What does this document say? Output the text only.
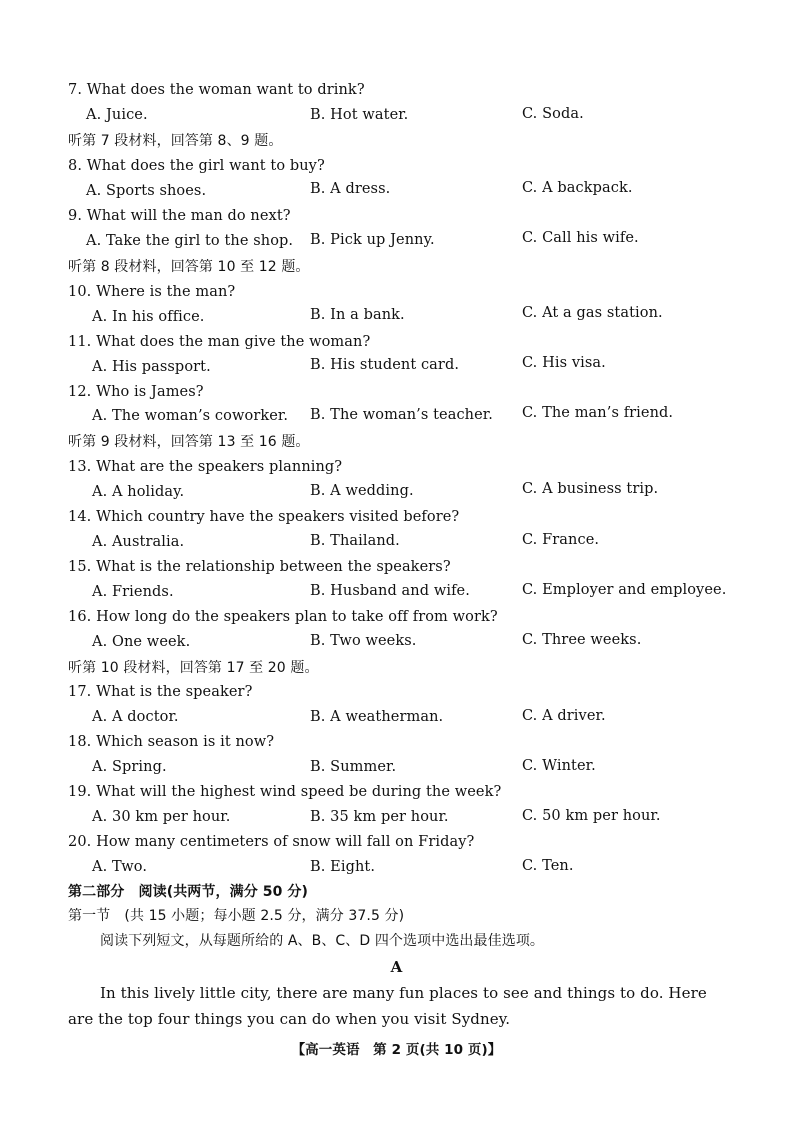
7. What does the woman want to drink?
A. Juice.	B. Hot water.	C. Soda.
听第 7 段材料，回答第 8、9 题。
8. What does the girl want to buy?
A. Sports shoes.	B. A dress.	C. A backpack.
9. What will the man do next?
A. Take the girl to the shop. B. Pick up Jenny.	C. Call his wife.
听第 8 段材料，回答第 10 至 12 题。
10. Where is the man?
A. In his office.	B. In a bank.	C. At a gas station.
11. What does the man give the woman?
A. His passport.	B. His student card.	C. His visa.
12. Who is James?
A. The woman’s coworker. B. The woman’s teacher. C. The man’s friend.
听第 9 段材料，回答第 13 至 16 题。
13. What are the speakers planning?
A. A holiday.	B. A wedding.	C. A business trip.
14. Which country have the speakers visited before?
A. Australia.	B. Thailand.	C. France.
15. What is the relationship between the speakers?
A. Friends.	B. Husband and wife.	C. Employer and employee.
16. How long do the speakers plan to take off from work?
A. One week.	B. Two weeks.	C. Three weeks.
听第 10 段材料，回答第 17 至 20 题。
17. What is the speaker?
A. A doctor.	B. A weatherman.	C. A driver.
18. Which season is it now?
A. Spring.	B. Summer.	C. Winter.
19. What will the highest wind speed be during the week?
A. 30 km per hour.	B. 35 km per hour.	C. 50 km per hour.
20. How many centimeters of snow will fall on Friday?
A. Two.	B. Eight.	C. Ten.
第二部分　阅读(共两节，满分 50 分)
第一节　(共 15 小题；每小题 2.5 分，满分 37.5 分)
阅读下列短文，从每题所给的 A、B、C、D 四个选项中选出最佳选项。
A
In this lively little city, there are many fun places to see and things to do. Here are the top four things you can do when you visit Sydney.
【高一英语　第 2 页(共 10 页)】
